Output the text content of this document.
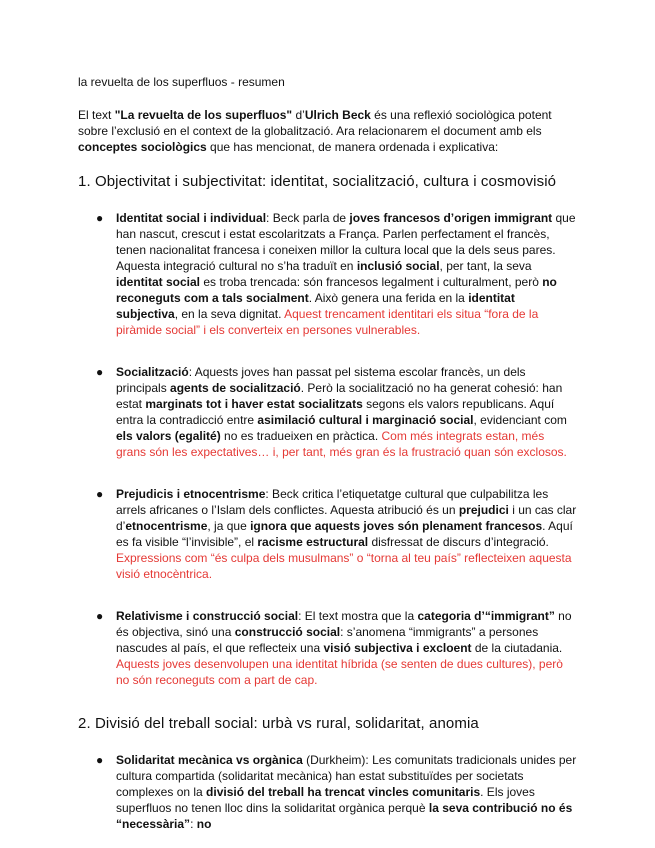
la revuelta de los superfluos - resumen

El text "La revuelta de los superfluos" d’Ulrich Beck és una reflexió sociològica potent sobre l’exclusió en el context de la globalització. Ara relacionarem el document amb els conceptes sociològics que has mencionat, de manera ordenada i explicativa:

1. Objectivitat i subjectivitat: identitat, socialització, cultura i cosmovisió
● Identitat social i individual: Beck parla de joves francesos d’origen immigrant que han nascut, crescut i estat escolaritzats a França. Parlen perfectament el francès, tenen nacionalitat francesa i coneixen millor la cultura local que la dels seus pares. Aquesta integració cultural no s’ha traduït en inclusió social, per tant, la seva identitat social es troba trencada: són francesos legalment i culturalment, però no reconeguts com a tals socialment. Això genera una ferida en la identitat subjectiva, en la seva dignitat. Aquest trencament identitari els situa “fora de la piràmide social” i els converteix en persones vulnerables.
● Socialització: Aquests joves han passat pel sistema escolar francès, un dels principals agents de socialització. Però la socialització no ha generat cohesió: han estat marginats tot i haver estat socialitzats segons els valors republicans. Aquí entra la contradicció entre asimilació cultural i marginació social, evidenciant com els valors (egalité) no es tradueixen en pràctica. Com més integrats estan, més grans són les expectatives… i, per tant, més gran és la frustració quan són exclosos.
● Prejudicis i etnocentrisme: Beck critica l’etiquetatge cultural que culpabilitza les arrels africanes o l’Islam dels conflictes. Aquesta atribució és un prejudici i un cas clar d’etnocentrisme, ja que ignora que aquests joves són plenament francesos. Aquí es fa visible “l’invisible”, el racisme estructural disfressat de discurs d’integració. Expressions com “és culpa dels musulmans” o “torna al teu país” reflecteixen aquesta visió etnocèntrica.
● Relativisme i construcció social: El text mostra que la categoria d’“immigrant” no és objectiva, sinó una construcció social: s’anomena “immigrants” a persones nascudes al país, el que reflecteix una visió subjectiva i excloent de la ciutadania. Aquests joves desenvolupen una identitat híbrida (se senten de dues cultures), però no són reconeguts com a part de cap.
2. Divisió del treball social: urbà vs rural, solidaritat, anomia
● Solidaritat mecànica vs orgànica (Durkheim): Les comunitats tradicionals unides per cultura compartida (solidaritat mecànica) han estat substituïdes per societats complexes on la divisió del treball ha trencat vincles comunitaris. Els joves superfluos no tenen lloc dins la solidaritat orgànica perquè la seva contribució no és “necessària”: no
